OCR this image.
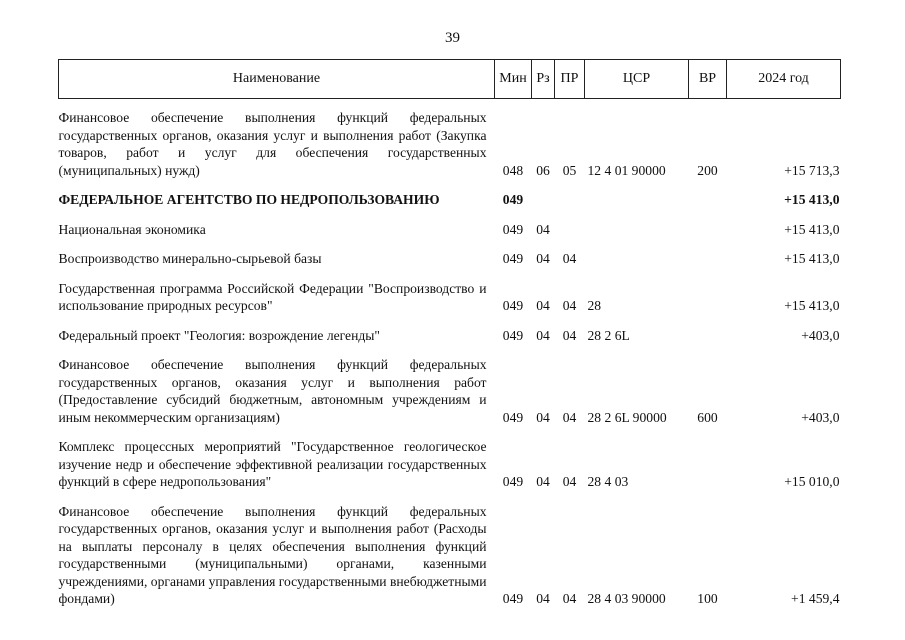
39
Наименование	Мин	Рз	ПР	ЦСР	ВР	2024 год

Финансовое обеспечение выполнения функций федеральных государственных органов, оказания услуг и выполнения работ (Закупка товаров, работ и услуг для обеспечения государственных (муниципальных) нужд)	048	06	05	12 4 01 90000	200	+15 713,3

ФЕДЕРАЛЬНОЕ АГЕНТСТВО ПО НЕДРОПОЛЬЗОВАНИЮ	049					+15 413,0

Национальная экономика	049	04				+15 413,0

Воспроизводство минерально-сырьевой базы	049	04	04			+15 413,0

Государственная программа Российской Федерации "Воспроизводство и использование природных ресурсов"	049	04	04	28		+15 413,0

Федеральный проект "Геология: возрождение легенды"	049	04	04	28 2 6L		+403,0

Финансовое обеспечение выполнения функций федеральных государственных органов, оказания услуг и выполнения работ (Предоставление субсидий бюджетным, автономным учреждениям и иным некоммерческим организациям)	049	04	04	28 2 6L 90000	600	+403,0

Комплекс процессных мероприятий "Государственное геологическое изучение недр и обеспечение эффективной реализации государственных функций в сфере недропользования"	049	04	04	28 4 03		+15 010,0

Финансовое обеспечение выполнения функций федеральных государственных органов, оказания услуг и выполнения работ (Расходы на выплаты персоналу в целях обеспечения выполнения функций государственными (муниципальными) органами, казенными учреждениями, органами управления государственными внебюджетными фондами)	049	04	04	28 4 03 90000	100	+1 459,4
